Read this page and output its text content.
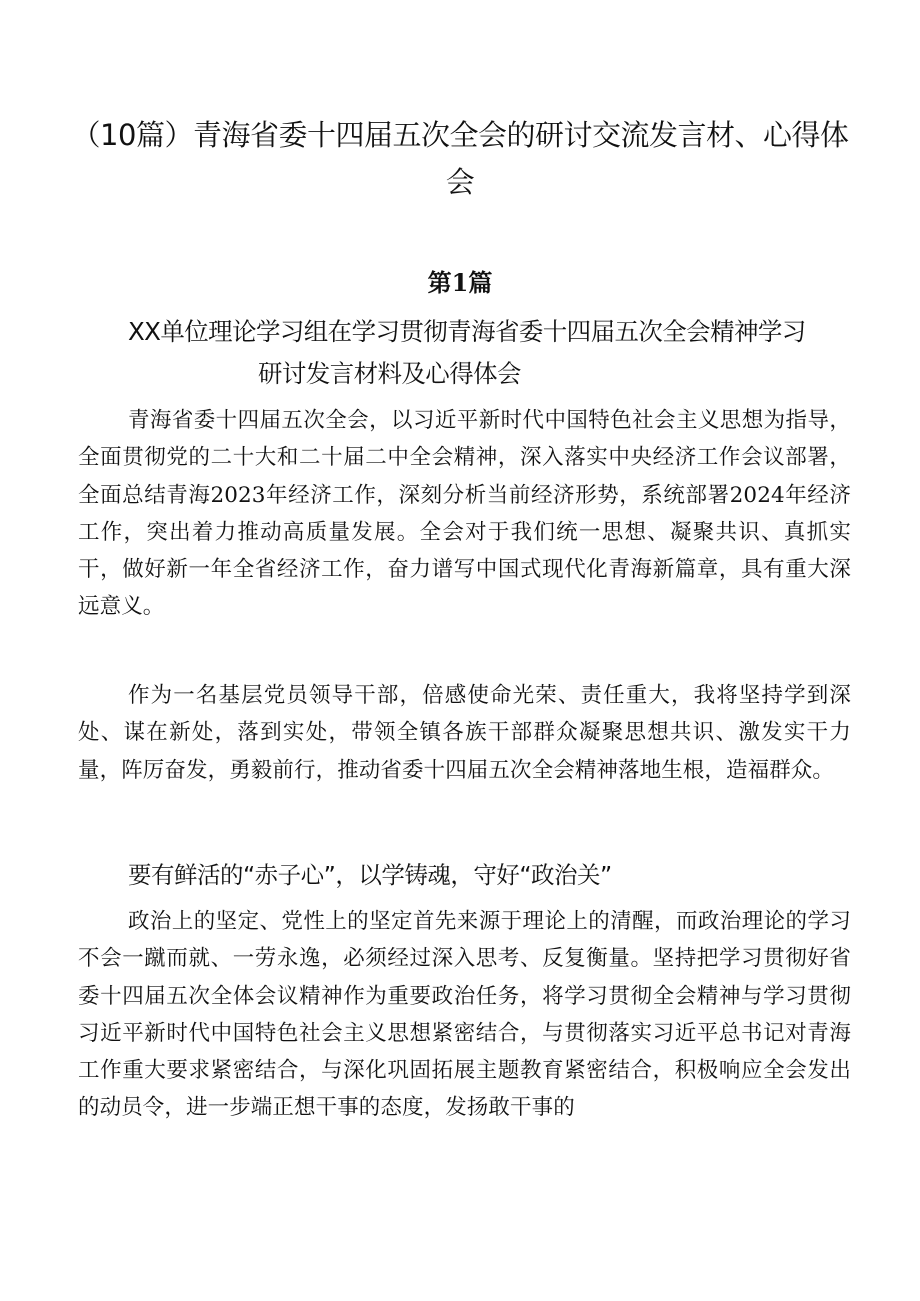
（10篇）青海省委十四届五次全会的研讨交流发言材、心得体会
第1篇
XX单位理论学习组在学习贯彻青海省委十四届五次全会精神学习
研讨发言材料及心得体会

青海省委十四届五次全会，以习近平新时代中国特色社会主义思想为指导，全面贯彻党的二十大和二十届二中全会精神，深入落实中央经济工作会议部署，全面总结青海2023年经济工作，深刻分析当前经济形势，系统部署2024年经济工作，突出着力推动高质量发展。全会对于我们统一思想、凝聚共识、真抓实干，做好新一年全省经济工作，奋力谱写中国式现代化青海新篇章，具有重大深远意义。

作为一名基层党员领导干部，倍感使命光荣、责任重大，我将坚持学到深处、谋在新处，落到实处，带领全镇各族干部群众凝聚思想共识、激发实干力量，阵厉奋发，勇毅前行，推动省委十四届五次全会精神落地生根，造福群众。

要有鲜活的“赤子心”，以学铸魂，守好“政治关”

政治上的坚定、党性上的坚定首先来源于理论上的清醒，而政治理论的学习不会一蹴而就、一劳永逸，必须经过深入思考、反复衡量。坚持把学习贯彻好省委十四届五次全体会议精神作为重要政治任务，将学习贯彻全会精神与学习贯彻习近平新时代中国特色社会主义思想紧密结合，与贯彻落实习近平总书记对青海工作重大要求紧密结合，与深化巩固拓展主题教育紧密结合，积极响应全会发出的动员令，进一步端正想干事的态度，发扬敢干事的
